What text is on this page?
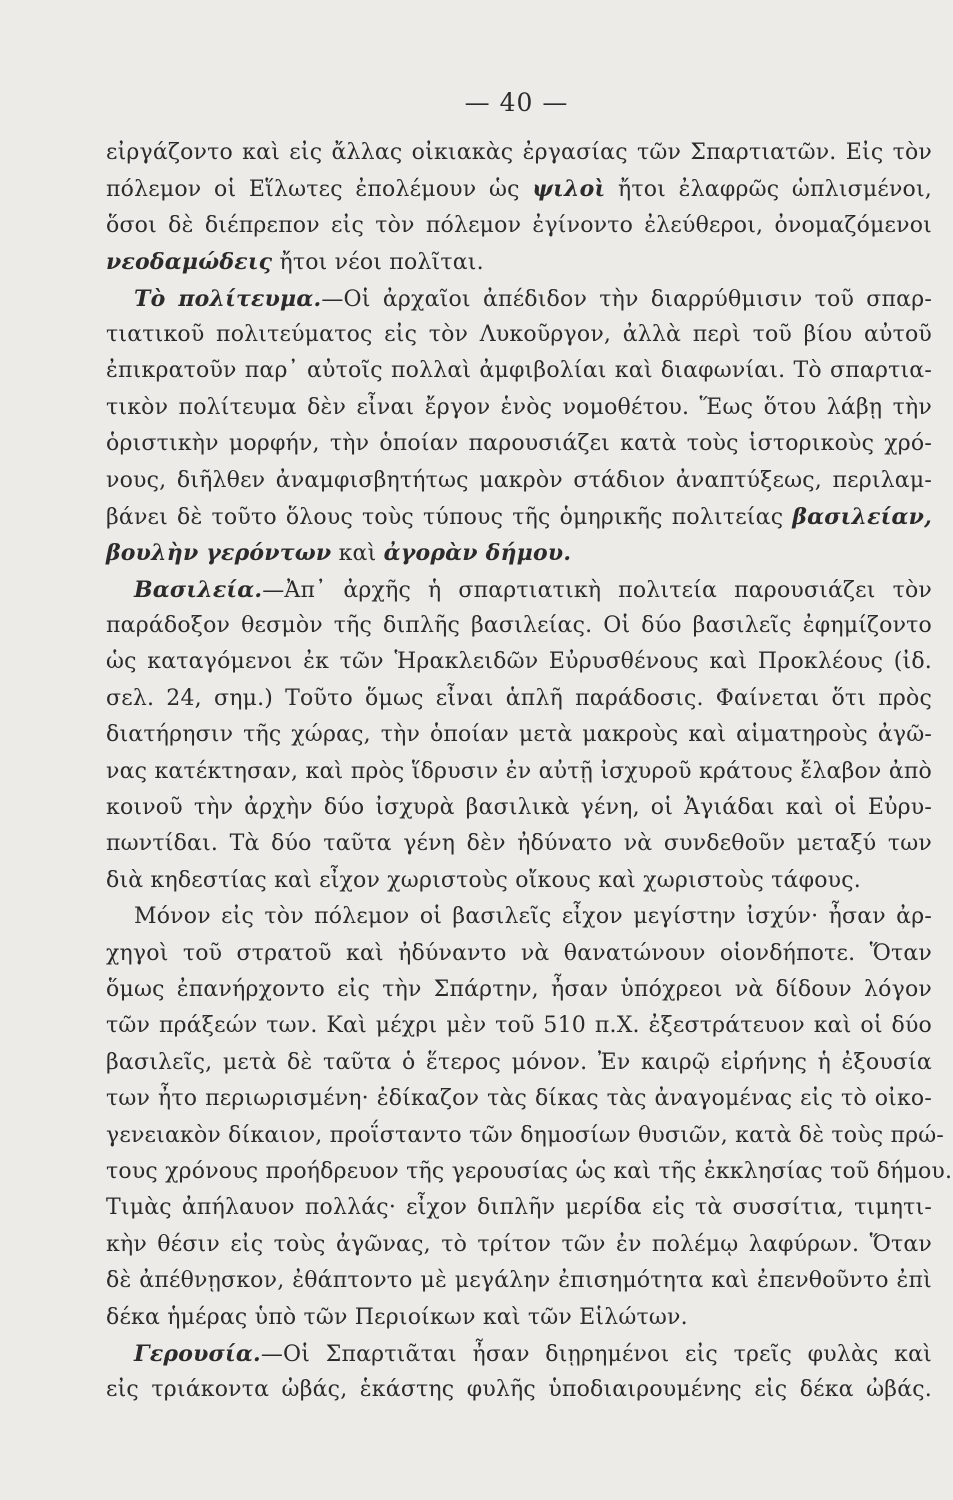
— 40 —
εἰργάζοντο καὶ εἰς ἄλλας οἰκιακὰς ἐργασίας τῶν Σπαρτιατῶν. Εἰς τὸν
πόλεμον οἱ Εἵλωτες ἐπολέμουν ὡς ψιλοὶ ἤτοι ἐλαφρῶς ὡπλισμένοι,
ὅσοι δὲ διέπρεπον εἰς τὸν πόλεμον ἐγίνοντο ἐλεύθεροι, ὀνομαζόμενοι
νεοδαμώδεις ἤτοι νέοι πολῖται.
Τὸ πολίτευμα.—Οἱ ἀρχαῖοι ἀπέδιδον τὴν διαρρύθμισιν τοῦ σπαρ-
τιατικοῦ πολιτεύματος εἰς τὸν Λυκοῦργον, ἀλλὰ περὶ τοῦ βίου αὐτοῦ
ἐπικρατοῦν παρ᾽ αὐτοῖς πολλαὶ ἀμφιβολίαι καὶ διαφωνίαι. Τὸ σπαρτια-
τικὸν πολίτευμα δὲν εἶναι ἔργον ἑνὸς νομοθέτου. Ἕως ὅτου λάβῃ τὴν
ὁριστικὴν μορφήν, τὴν ὁποίαν παρουσιάζει κατὰ τοὺς ἱστορικοὺς χρό-
νους, διῆλθεν ἀναμφισβητήτως μακρὸν στάδιον ἀναπτύξεως, περιλαμ-
βάνει δὲ τοῦτο ὅλους τοὺς τύπους τῆς ὁμηρικῆς πολιτείας βασιλείαν,
βουλὴν γερόντων καὶ ἀγορὰν δήμου.
Βασιλεία.—Ἀπ᾽ ἀρχῆς ἡ σπαρτιατικὴ πολιτεία παρουσιάζει τὸν
παράδοξον θεσμὸν τῆς διπλῆς βασιλείας. Οἱ δύο βασιλεῖς ἐφημίζοντο
ὡς καταγόμενοι ἐκ τῶν Ἡρακλειδῶν Εὐρυσθένους καὶ Προκλέους (ἰδ.
σελ. 24, σημ.) Τοῦτο ὅμως εἶναι ἁπλῆ παράδοσις. Φαίνεται ὅτι πρὸς
διατήρησιν τῆς χώρας, τὴν ὁποίαν μετὰ μακροὺς καὶ αἱματηροὺς ἀγῶ-
νας κατέκτησαν, καὶ πρὸς ἵδρυσιν ἐν αὐτῇ ἰσχυροῦ κράτους ἔλαβον ἀπὸ
κοινοῦ τὴν ἀρχὴν δύο ἰσχυρὰ βασιλικὰ γένη, οἱ Ἀγιάδαι καὶ οἱ Εὐρυ-
πωντίδαι. Τὰ δύο ταῦτα γένη δὲν ἠδύνατο νὰ συνδεθοῦν μεταξύ των
διὰ κηδεστίας καὶ εἶχον χωριστοὺς οἴκους καὶ χωριστοὺς τάφους.
Μόνον εἰς τὸν πόλεμον οἱ βασιλεῖς εἶχον μεγίστην ἰσχύν· ἦσαν ἀρ-
χηγοὶ τοῦ στρατοῦ καὶ ἠδύναντο νὰ θανατώνουν οἱονδήποτε. Ὅταν
ὅμως ἐπανήρχοντο εἰς τὴν Σπάρτην, ἦσαν ὑπόχρεοι νὰ δίδουν λόγον
τῶν πράξεών των. Καὶ μέχρι μὲν τοῦ 510 π.Χ. ἐξεστράτευον καὶ οἱ δύο
βασιλεῖς, μετὰ δὲ ταῦτα ὁ ἕτερος μόνον. Ἐν καιρῷ εἰρήνης ἡ ἐξουσία
των ἦτο περιωρισμένη· ἐδίκαζον τὰς δίκας τὰς ἀναγομένας εἰς τὸ οἰκο-
γενειακὸν δίκαιον, προΐσταντο τῶν δημοσίων θυσιῶν, κατὰ δὲ τοὺς πρώ-
τους χρόνους προήδρευον τῆς γερουσίας ὡς καὶ τῆς ἐκκλησίας τοῦ δήμου.
Τιμὰς ἀπήλαυον πολλάς· εἶχον διπλῆν μερίδα εἰς τὰ συσσίτια, τιμητι-
κὴν θέσιν εἰς τοὺς ἀγῶνας, τὸ τρίτον τῶν ἐν πολέμῳ λαφύρων. Ὅταν
δὲ ἀπέθνῃσκον, ἐθάπτοντο μὲ μεγάλην ἐπισημότητα καὶ ἐπενθοῦντο ἐπὶ
δέκα ἡμέρας ὑπὸ τῶν Περιοίκων καὶ τῶν Εἱλώτων.
Γερουσία.—Οἱ Σπαρτιᾶται ἦσαν διῃρημένοι εἰς τρεῖς φυλὰς καὶ
εἰς τριάκοντα ὠβάς, ἑκάστης φυλῆς ὑποδιαιρουμένης εἰς δέκα ὠβάς.
